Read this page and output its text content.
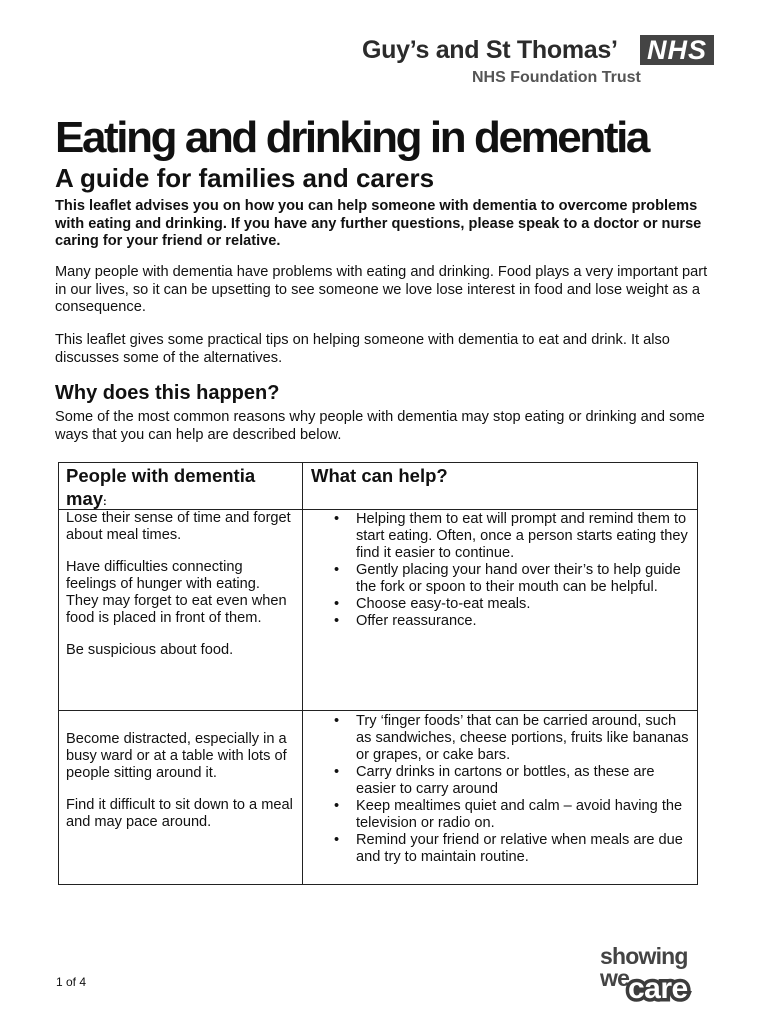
Guy’s and St Thomas’ NHS
NHS Foundation Trust
Eating and drinking in dementia
A guide for families and carers

This leaflet advises you on how you can help someone with dementia to overcome problems with eating and drinking. If you have any further questions, please speak to a doctor or nurse caring for your friend or relative.

Many people with dementia have problems with eating and drinking. Food plays a very important part in our lives, so it can be upsetting to see someone we love lose interest in food and lose weight as a consequence.

This leaflet gives some practical tips on helping someone with dementia to eat and drink. It also discusses some of the alternatives.

Why does this happen?

Some of the most common reasons why people with dementia may stop eating or drinking and some ways that you can help are described below.

People with dementia may:
What can help?

Lose their sense of time and forget about meal times.

Have difficulties connecting feelings of hunger with eating. They may forget to eat even when food is placed in front of them.

Be suspicious about food.

• Helping them to eat will prompt and remind them to start eating. Often, once a person starts eating they find it easier to continue.
• Gently placing your hand over their’s to help guide the fork or spoon to their mouth can be helpful.
• Choose easy-to-eat meals.
• Offer reassurance.

Become distracted, especially in a busy ward or at a table with lots of people sitting around it.

Find it difficult to sit down to a meal and may pace around.

• Try ‘finger foods’ that can be carried around, such as sandwiches, cheese portions, fruits like bananas or grapes, or cake bars.
• Carry drinks in cartons or bottles, as these are easier to carry around
• Keep mealtimes quiet and calm – avoid having the television or radio on.
• Remind your friend or relative when meals are due and try to maintain routine.
1 of 4
showing
we
care
